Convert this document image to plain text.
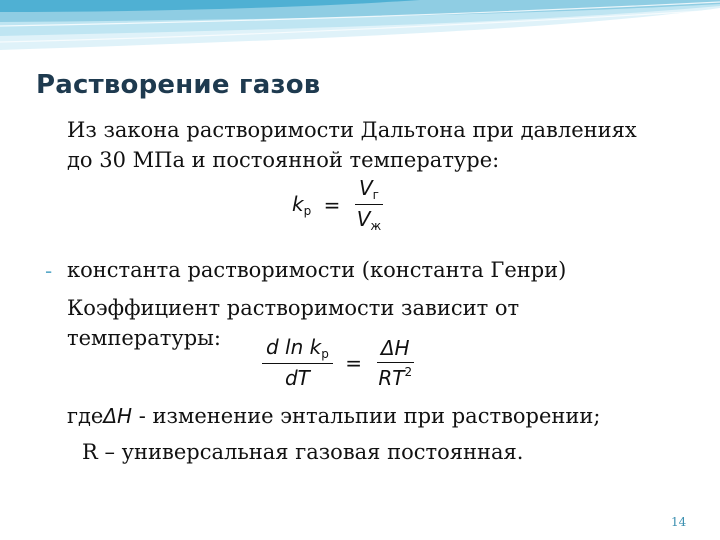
Растворение газов
Из закона растворимости Дальтона при давлениях
до 30 МПа и постоянной температуре:
$k_р = \frac{V_г}{V_ж}$
- константа растворимости (константа Генри)
Коэффициент растворимости зависит от
температуры: $\frac{d \ln k_p}{dT} = \frac{\Delta H}{RT^2}$
гдеΔH - изменение энтальпии при растворении;
R – универсальная газовая постоянная.
14
